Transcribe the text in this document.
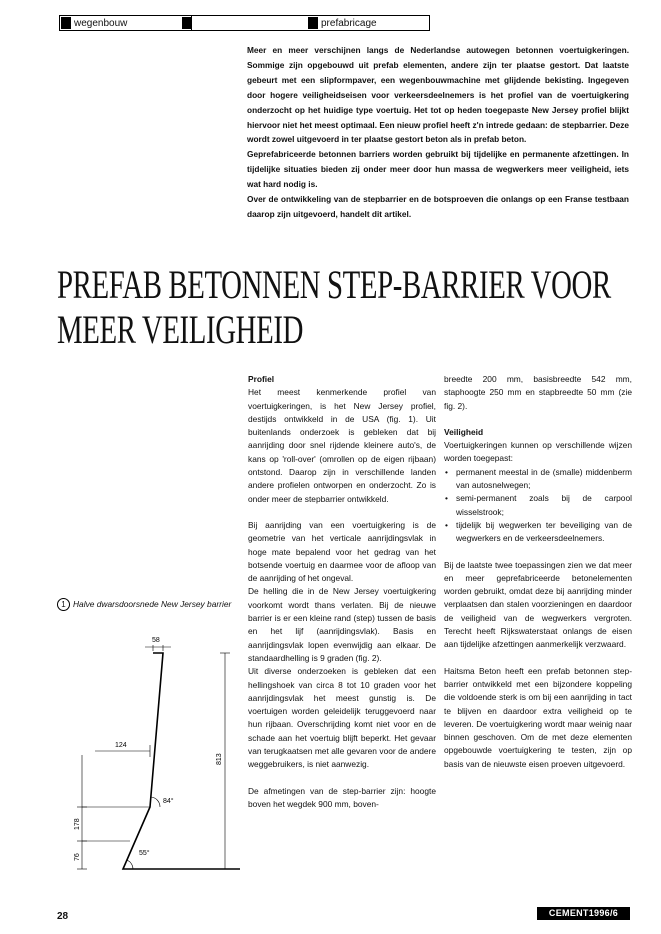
wegenbouw	prefabricage

Meer en meer verschijnen langs de Nederlandse autowegen betonnen voertuigkeringen. Sommige zijn opgebouwd uit prefab elementen, andere zijn ter plaatse gestort. Dat laatste gebeurt met een slipformpaver, een wegenbouwmachine met glijdende bekisting. Ingegeven door hogere veiligheidseisen voor verkeersdeelnemers is het profiel van de voertuigkering onderzocht op het huidige type voertuig. Het tot op heden toegepaste New Jersey profiel blijkt hiervoor niet het meest optimaal. Een nieuw profiel heeft z'n intrede gedaan: de stepbarrier. Deze wordt zowel uitgevoerd in ter plaatse gestort beton als in prefab beton.

Geprefabriceerde betonnen barriers worden gebruikt bij tijdelijke en permanente afzettingen. In tijdelijke situaties bieden zij onder meer door hun massa de wegwerkers meer veiligheid, iets wat hard nodig is.

Over de ontwikkeling van de stepbarrier en de botsproeven die onlangs op een Franse testbaan daarop zijn uitgevoerd, handelt dit artikel.

PREFAB BETONNEN STEP-BARRIER VOOR
MEER VEILIGHEID
1 Halve dwarsdoorsnede New Jersey barrier
58
124
813
178
76
84°
55°
Profiel

Het meest kenmerkende profiel van voertuigkeringen, is het New Jersey profiel, destijds ontwikkeld in de USA (fig. 1). Uit buitenlands onderzoek is gebleken dat bij aanrijding door snel rijdende kleinere auto's, de kans op 'roll-over' (omrollen op de eigen rijbaan) ontstond. Daarop zijn in verschillende landen andere profielen ontworpen en onderzocht. Zo is onder meer de stepbarrier ontwikkeld.

Bij aanrijding van een voertuigkering is de geometrie van het verticale aanrijdingsvlak in hoge mate bepalend voor het gedrag van het botsende voertuig en daarmee voor de afloop van de aanrijding of het ongeval.

De helling die in de New Jersey voertuigkering voorkomt wordt thans verlaten. Bij de nieuwe barrier is er een kleine rand (step) tussen de basis en het lijf (aanrijdingsvlak). Basis en aanrijdingsvlak lopen evenwijdig aan elkaar. De standaardhelling is 9 graden (fig. 2).

Uit diverse onderzoeken is gebleken dat een hellingshoek van circa 8 tot 10 graden voor het aanrijdingsvlak het meest gunstig is. De voertuigen worden geleidelijk teruggevoerd naar hun rijbaan. Overschrijding komt niet voor en de schade aan het voertuig blijft beperkt. Het gevaar van terugkaatsen met alle gevaren voor de andere weggebruikers, is niet aanwezig.

De afmetingen van de step-barrier zijn: hoogte boven het wegdek 900 mm, boven-

breedte 200 mm, basisbreedte 542 mm, staphoogte 250 mm en stapbreedte 50 mm (zie fig. 2).

Veiligheid

Voertuigkeringen kunnen op verschillende wijzen worden toegepast:

• permanent meestal in de (smalle) middenberm van autosnelwegen;
• semi-permanent zoals bij de carpool wisselstrook;
• tijdelijk bij wegwerken ter beveiliging van de wegwerkers en de verkeersdeelnemers.

Bij de laatste twee toepassingen zien we dat meer en meer geprefabriceerde betonelementen worden gebruikt, omdat deze bij aanrijding minder verplaatsen dan stalen voorzieningen en daardoor de veiligheid van de wegwerkers vergroten. Terecht heeft Rijkswaterstaat onlangs de eisen aan tijdelijke afzettingen aanmerkelijk verzwaard.

Haitsma Beton heeft een prefab betonnen step-barrier ontwikkeld met een bijzondere koppeling die voldoende sterk is om bij een aanrijding in tact te blijven en daardoor extra veiligheid op te leveren. De voertuigkering wordt maar weinig naar binnen geschoven. Om de met deze elementen opgebouwde voertuigkering te testen, zijn op basis van de nieuwste eisen proeven uitgevoerd.

28	CEMENT1996/6
